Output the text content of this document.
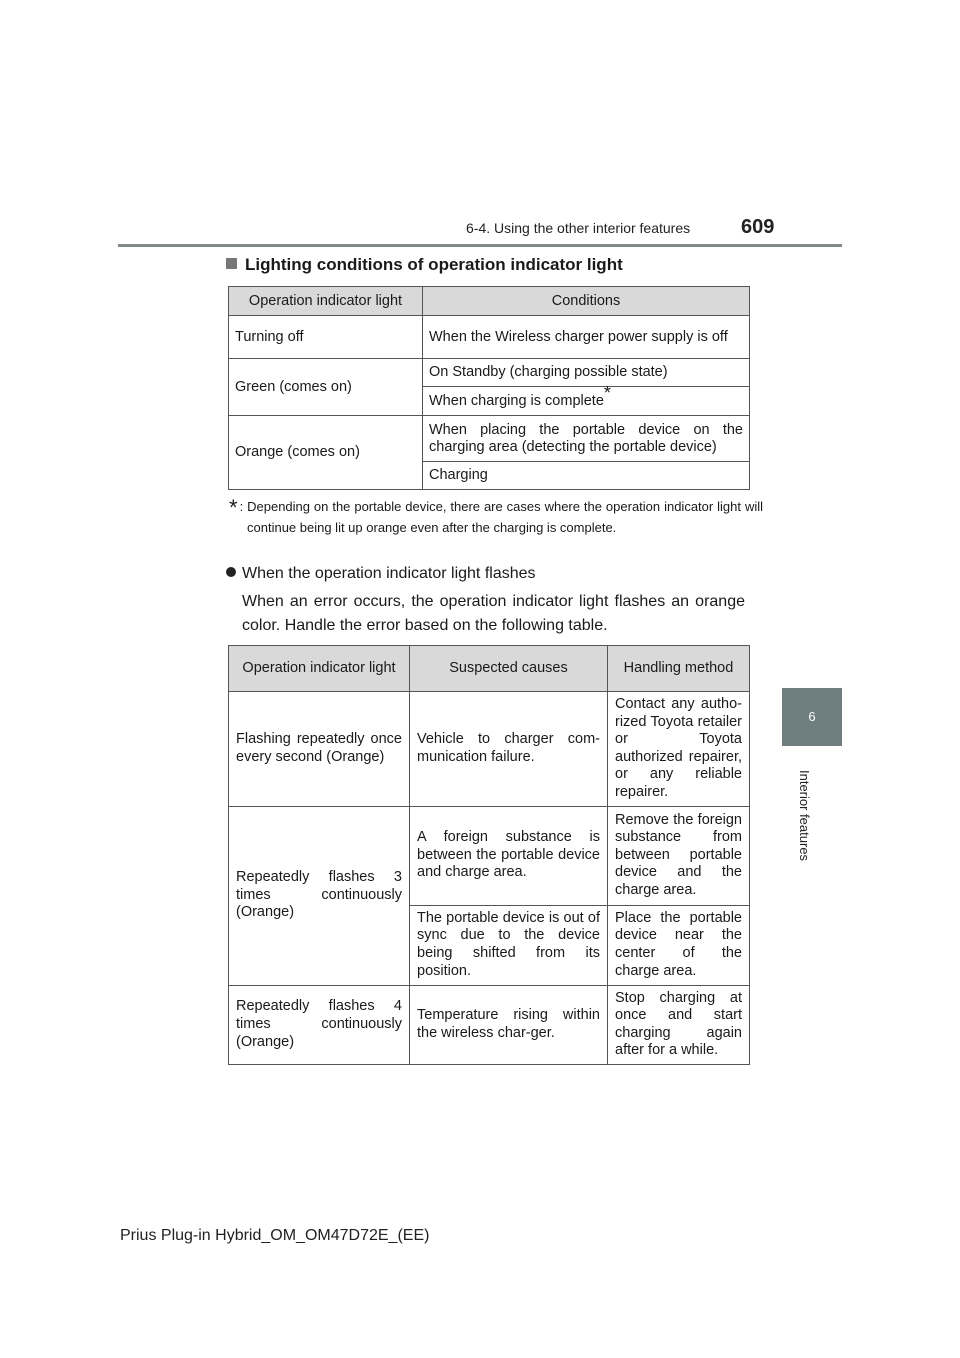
6-4. Using the other interior features	609
6
Interior features
Lighting conditions of operation indicator light
Operation indicator light	Conditions
Turning off	When the Wireless charger power supply is off
Green (comes on)	On Standby (charging possible state)
	When charging is complete*
Orange (comes on)	When placing the portable device on the charging area (detecting the portable device)
	Charging
* : Depending on the portable device, there are cases where the operation indicator light will continue being lit up orange even after the charging is complete.
When the operation indicator light flashes
When an error occurs, the operation indicator light flashes an orange color. Handle the error based on the following table.
Operation indicator light	Suspected causes	Handling method
Flashing repeatedly once every second (Orange)	Vehicle to charger com-munication failure.	Contact any autho-rized Toyota retailer or Toyota authorized repairer, or any reliable repairer.
Repeatedly flashes 3 times continuously (Orange)	A foreign substance is between the portable device and charge area.	Remove the foreign substance from between portable device and the charge area.
	The portable device is out of sync due to the device being shifted from its position.	Place the portable device near the center of the charge area.
Repeatedly flashes 4 times continuously (Orange)	Temperature rising within the wireless char-ger.	Stop charging at once and start charging again after for a while.
Prius Plug-in Hybrid_OM_OM47D72E_(EE)
